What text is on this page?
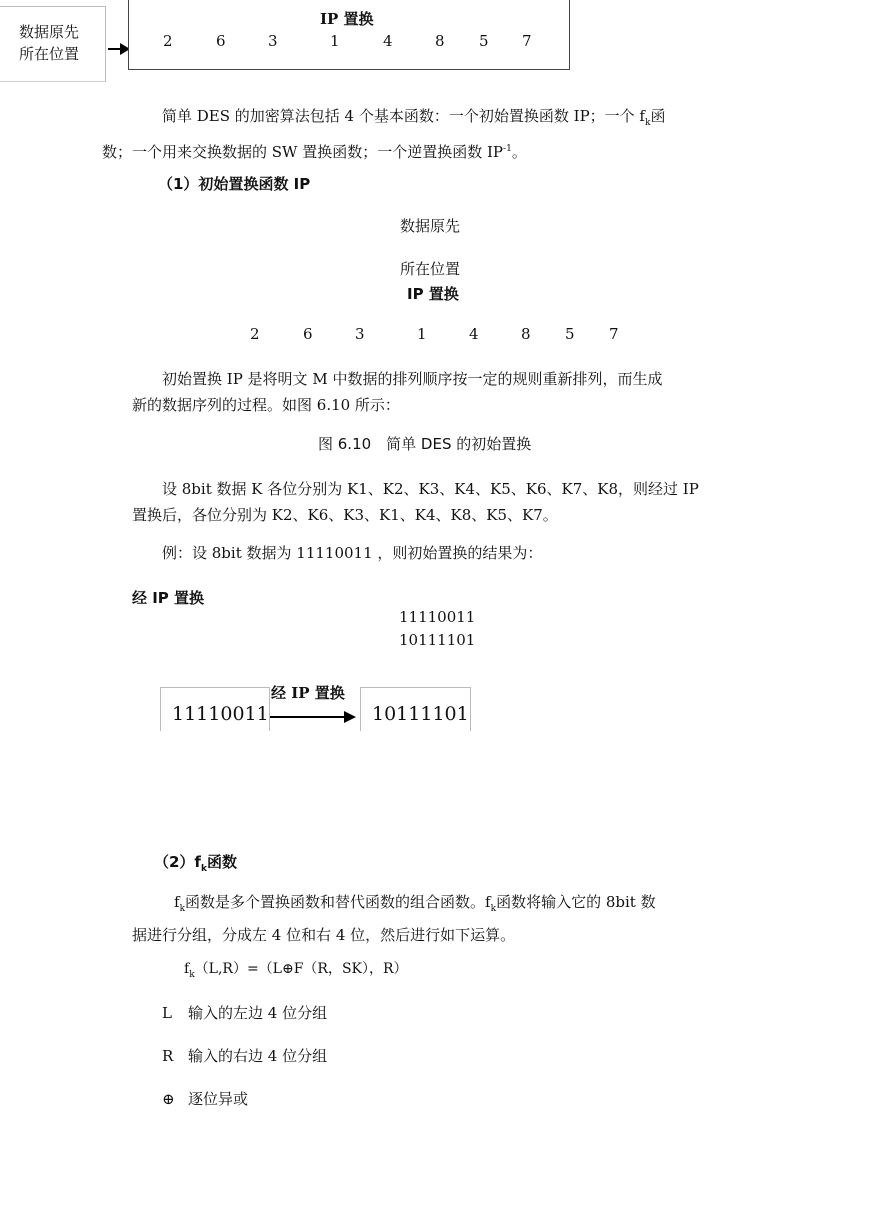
数据原先
所在位置
IP 置换
2	6	3	1	4	8 5 7
简单 DES 的加密算法包括 4 个基本函数：一个初始置换函数 IP；一个 $f_k$函
数；一个用来交换数据的 SW 置换函数；一个逆置换函数 $IP^{-1}$。
（1）初始置换函数 IP
数据原先
所在位置
IP 置换
2	6	3	1	4	8 5 7
初始置换 IP 是将明文 M 中数据的排列顺序按一定的规则重新排列，而生成
新的数据序列的过程。如图 6.10 所示：
图 6.10　简单 DES 的初始置换
设 8bit 数据 K 各位分别为 K1、K2、K3、K4、K5、K6、K7、K8，则经过 IP
置换后，各位分别为 K2、K6、K3、K1、K4、K8、K5、K7。
例：设 8bit 数据为 11110011 ，则初始置换的结果为：
经 IP 置换
11110011
10111101
11110011
经 IP 置换
10111101
$(2)f_k$函数
$f_k$函数是多个置换函数和替代函数的组合函数。$f_k$函数将输入它的 8bit 数
据进行分组，分成左 4 位和右 4 位，然后进行如下运算。
$f_k(L,R)=(L\oplus F(R$，SK），R）
L 输入的左边 4 位分组
R 输入的右边 4 位分组
⊕ 逐位异或
